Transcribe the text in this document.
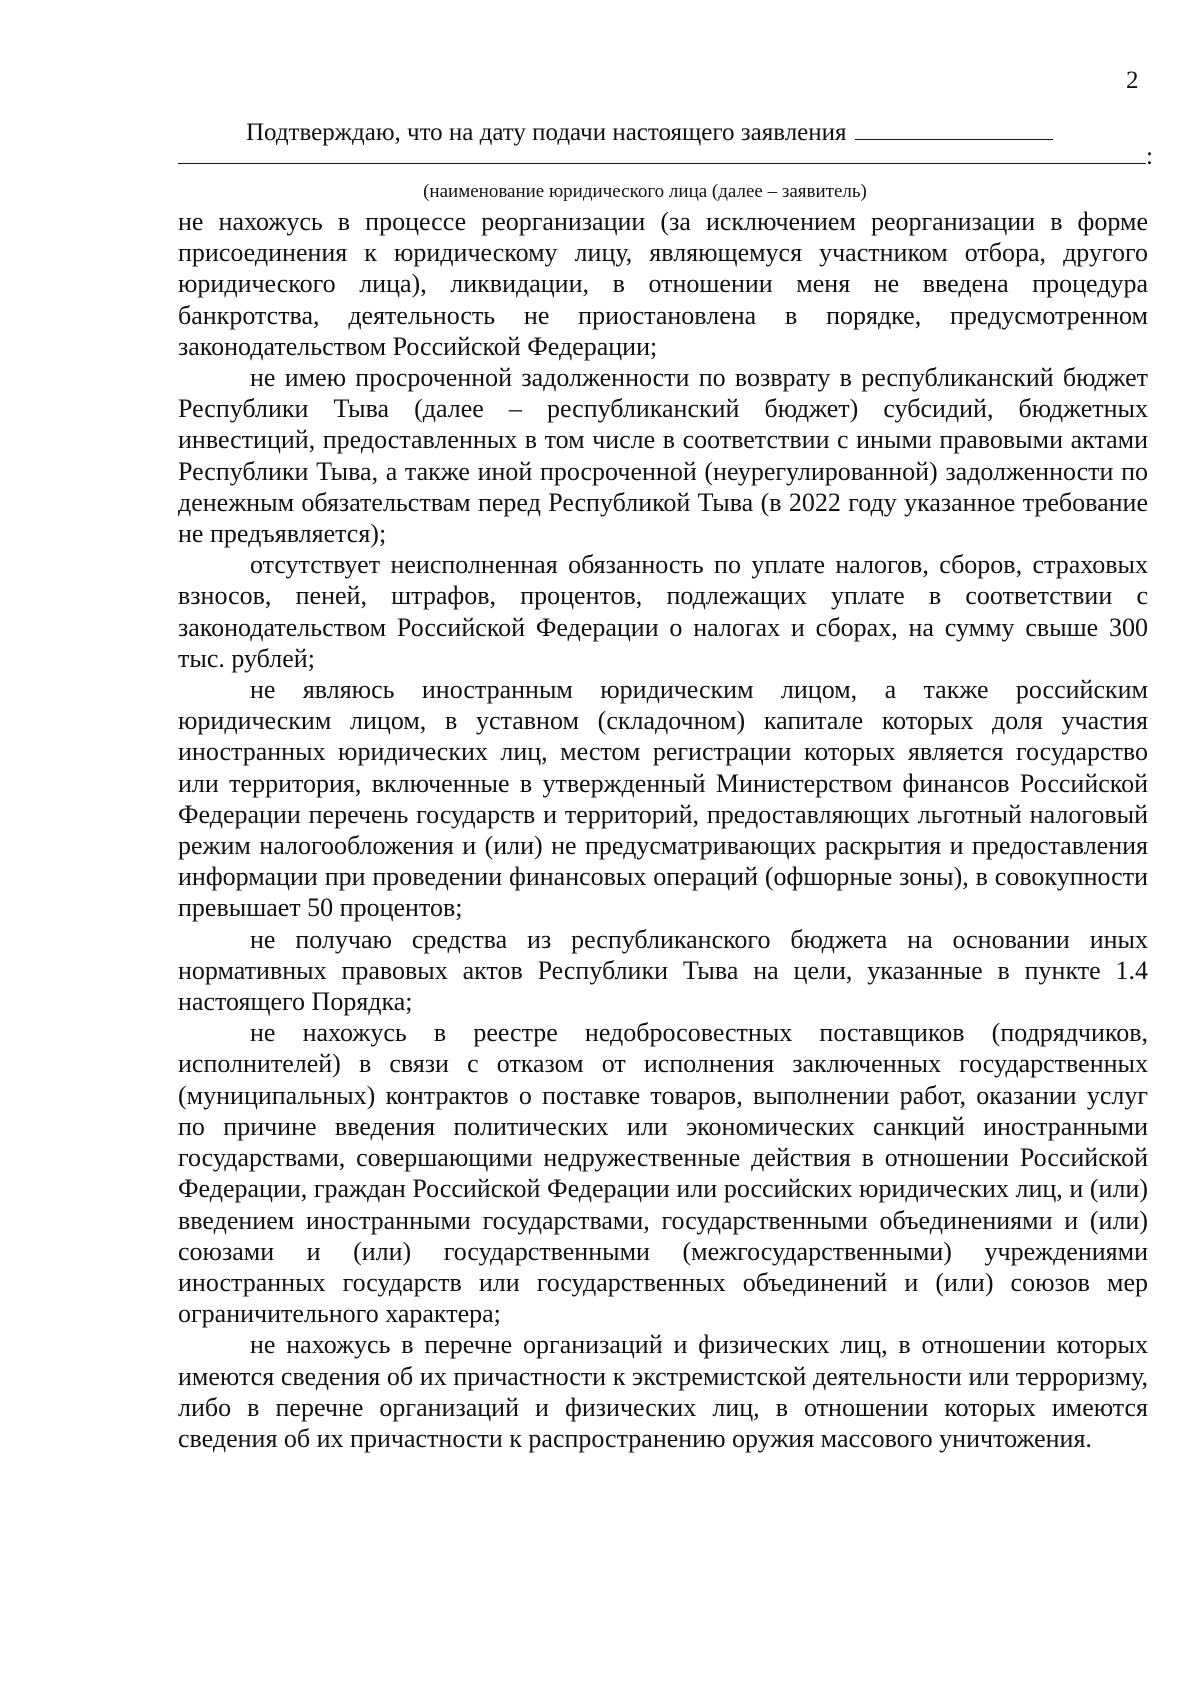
2
Подтверждаю, что на дату подачи настоящего заявления
:
(наименование юридического лица (далее – заявитель)

не нахожусь в процессе реорганизации (за исключением реорганизации в форме присоединения к юридическому лицу, являющемуся участником отбора, другого юридического лица), ликвидации, в отношении меня не введена процедура банкротства, деятельность не приостановлена в порядке, предусмотренном законодательством Российской Федерации;

не имею просроченной задолженности по возврату в республиканский бюджет Республики Тыва (далее – республиканский бюджет) субсидий, бюджетных инвестиций, предоставленных в том числе в соответствии с иными правовыми актами Республики Тыва, а также иной просроченной (неурегулированной) задолженности по денежным обязательствам перед Республикой Тыва (в 2022 году указанное требование не предъявляется);

отсутствует неисполненная обязанность по уплате налогов, сборов, страховых взносов, пеней, штрафов, процентов, подлежащих уплате в соответствии с законодательством Российской Федерации о налогах и сборах, на сумму свыше 300 тыс. рублей;

не являюсь иностранным юридическим лицом, а также российским юридическим лицом, в уставном (складочном) капитале которых доля участия иностранных юридических лиц, местом регистрации которых является государство или территория, включенные в утвержденный Министерством финансов Российской Федерации перечень государств и территорий, предоставляющих льготный налоговый режим налогообложения и (или) не предусматривающих раскрытия и предоставления информации при проведении финансовых операций (офшорные зоны), в совокупности превышает 50 процентов;

не получаю средства из республиканского бюджета на основании иных нормативных правовых актов Республики Тыва на цели, указанные в пункте 1.4 настоящего Порядка;

не нахожусь в реестре недобросовестных поставщиков (подрядчиков, исполнителей) в связи с отказом от исполнения заключенных государственных (муниципальных) контрактов о поставке товаров, выполнении работ, оказании услуг по причине введения политических или экономических санкций иностранными государствами, совершающими недружественные действия в отношении Российской Федерации, граждан Российской Федерации или российских юридических лиц, и (или) введением иностранными государствами, государственными объединениями и (или) союзами и (или) государственными (межгосударственными) учреждениями иностранных государств или государственных объединений и (или) союзов мер ограничительного характера;

не нахожусь в перечне организаций и физических лиц, в отношении которых имеются сведения об их причастности к экстремистской деятельности или терроризму, либо в перечне организаций и физических лиц, в отношении которых имеются сведения об их причастности к распространению оружия массового уничтожения.
